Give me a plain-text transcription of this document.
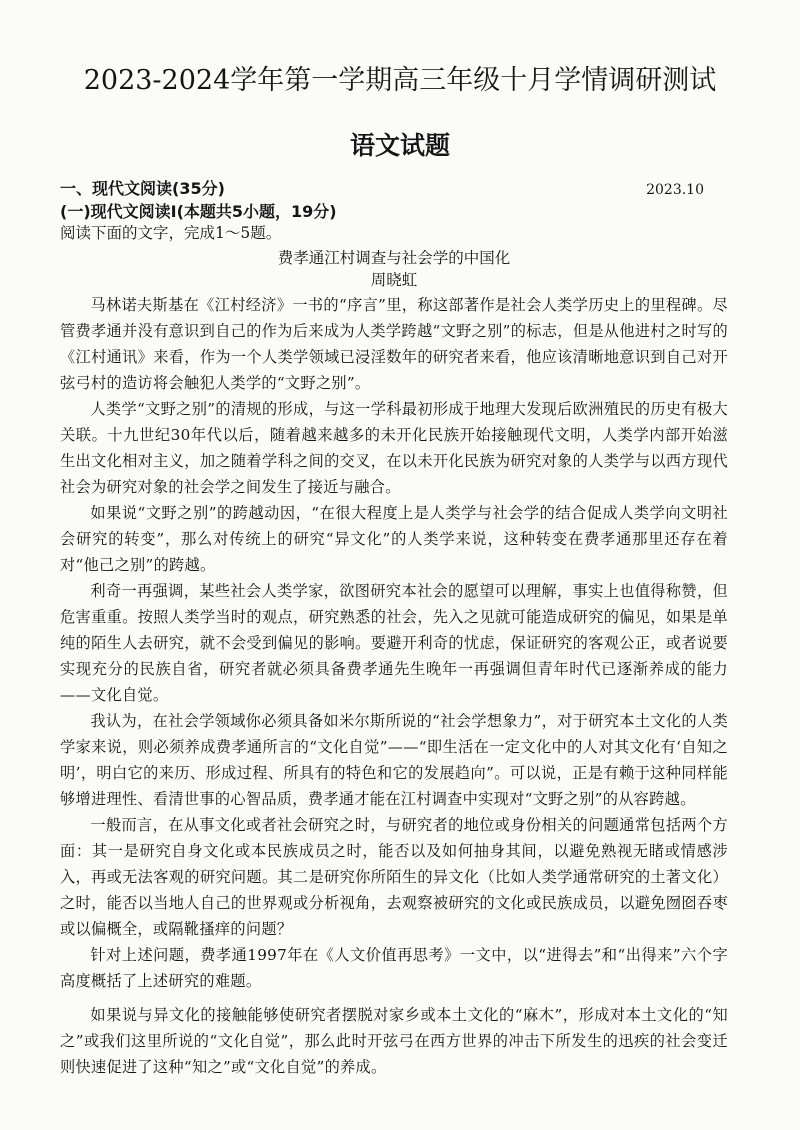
2023-2024学年第一学期高三年级十月学情调研测试
语文试题
一、现代文阅读(35分)	2023.10
(一)现代文阅读Ⅰ(本题共5小题，19分)
阅读下面的文字，完成1～5题。
费孝通江村调查与社会学的中国化
周晓虹

马林诺夫斯基在《江村经济》一书的“序言”里，称这部著作是社会人类学历史上的里程碑。尽管费孝通并没有意识到自己的作为后来成为人类学跨越“文野之别”的标志，但是从他进村之时写的《江村通讯》来看，作为一个人类学领域已浸淫数年的研究者来看，他应该清晰地意识到自己对开弦弓村的造访将会触犯人类学的“文野之别”。

人类学“文野之别”的清规的形成，与这一学科最初形成于地理大发现后欧洲殖民的历史有极大关联。十九世纪30年代以后，随着越来越多的未开化民族开始接触现代文明，人类学内部开始滋生出文化相对主义，加之随着学科之间的交叉，在以未开化民族为研究对象的人类学与以西方现代社会为研究对象的社会学之间发生了接近与融合。

如果说“文野之别”的跨越动因，“在很大程度上是人类学与社会学的结合促成人类学向文明社会研究的转变”，那么对传统上的研究“异文化”的人类学来说，这种转变在费孝通那里还存在着对“他己之别”的跨越。

利奇一再强调，某些社会人类学家，欲图研究本社会的愿望可以理解，事实上也值得称赞，但危害重重。按照人类学当时的观点，研究熟悉的社会，先入之见就可能造成研究的偏见，如果是单纯的陌生人去研究，就不会受到偏见的影响。要避开利奇的忧虑，保证研究的客观公正，或者说要实现充分的民族自省，研究者就必须具备费孝通先生晚年一再强调但青年时代已逐渐养成的能力——文化自觉。

我认为，在社会学领域你必须具备如米尔斯所说的“社会学想象力”，对于研究本土文化的人类学家来说，则必须养成费孝通所言的“文化自觉”——“即生活在一定文化中的人对其文化有‘自知之明’，明白它的来历、形成过程、所具有的特色和它的发展趋向”。可以说，正是有赖于这种同样能够增进理性、看清世事的心智品质，费孝通才能在江村调查中实现对“文野之别”的从容跨越。

一般而言，在从事文化或者社会研究之时，与研究者的地位或身份相关的问题通常包括两个方面：其一是研究自身文化或本民族成员之时，能否以及如何抽身其间，以避免熟视无睹或情感涉入，再或无法客观的研究问题。其二是研究你所陌生的异文化（比如人类学通常研究的土著文化）之时，能否以当地人自己的世界观或分析视角，去观察被研究的文化或民族成员，以避免囫囵吞枣或以偏概全，或隔靴搔痒的问题？

针对上述问题，费孝通1997年在《人文价值再思考》一文中，以“进得去”和“出得来”六个字高度概括了上述研究的难题。

如果说与异文化的接触能够使研究者摆脱对家乡或本土文化的“麻木”，形成对本土文化的“知之”或我们这里所说的“文化自觉”，那么此时开弦弓在西方世界的冲击下所发生的迅疾的社会变迁则快速促进了这种“知之”或“文化自觉”的养成。
